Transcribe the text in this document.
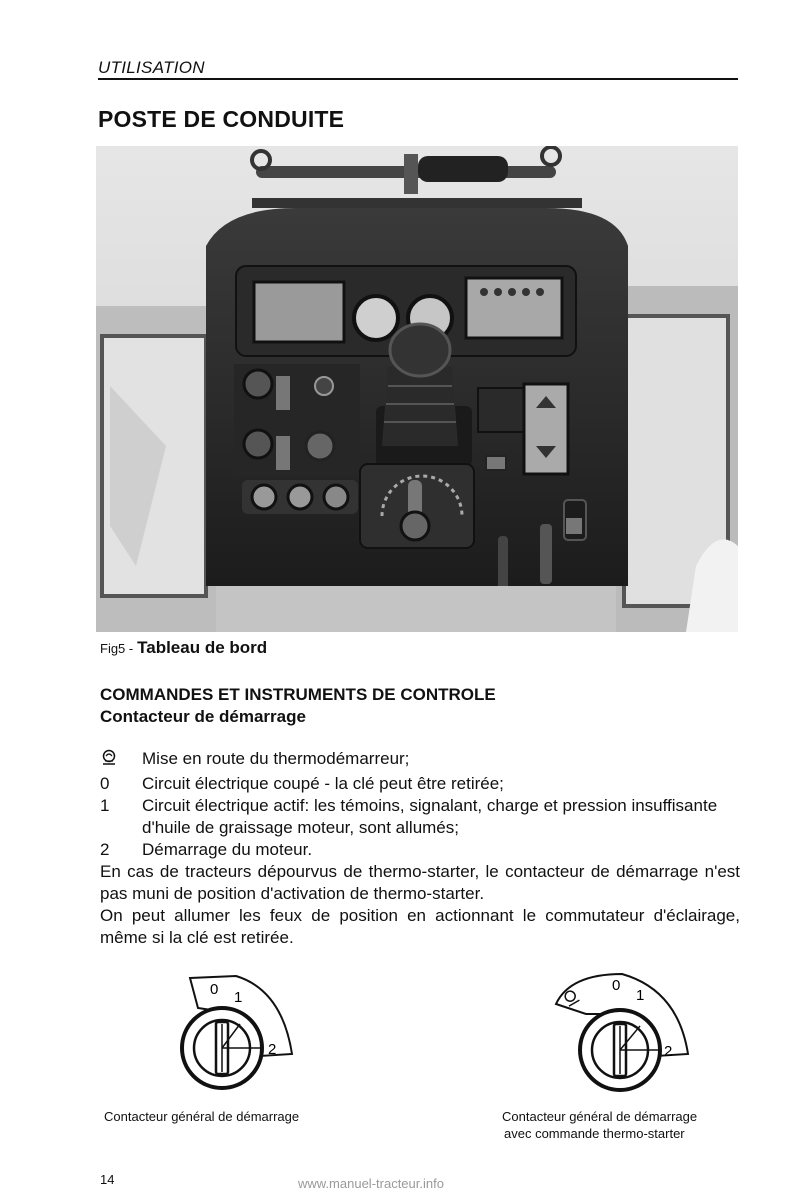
UTILISATION
POSTE DE CONDUITE
Fig5 - Tableau de bord
COMMANDES ET INSTRUMENTS DE CONTROLE
Contacteur de démarrage
Mise en route du thermodémarreur;
0	Circuit électrique coupé - la clé peut être retirée;
1	Circuit électrique actif: les témoins, signalant, charge et pression insuffisante d'huile de graissage moteur, sont allumés;
2	Démarrage du moteur.
En cas de tracteurs dépourvus de thermo-starter, le contacteur de démarrage n'est pas muni de position d'activation de thermo-starter.
On peut allumer les feux de position en actionnant le commutateur d'éclairage, même si la clé est retirée.
0 1
2
Contacteur général de démarrage
0
1
2
Contacteur général de démarrage
avec commande thermo-starter
14	www.manuel-tracteur.info
